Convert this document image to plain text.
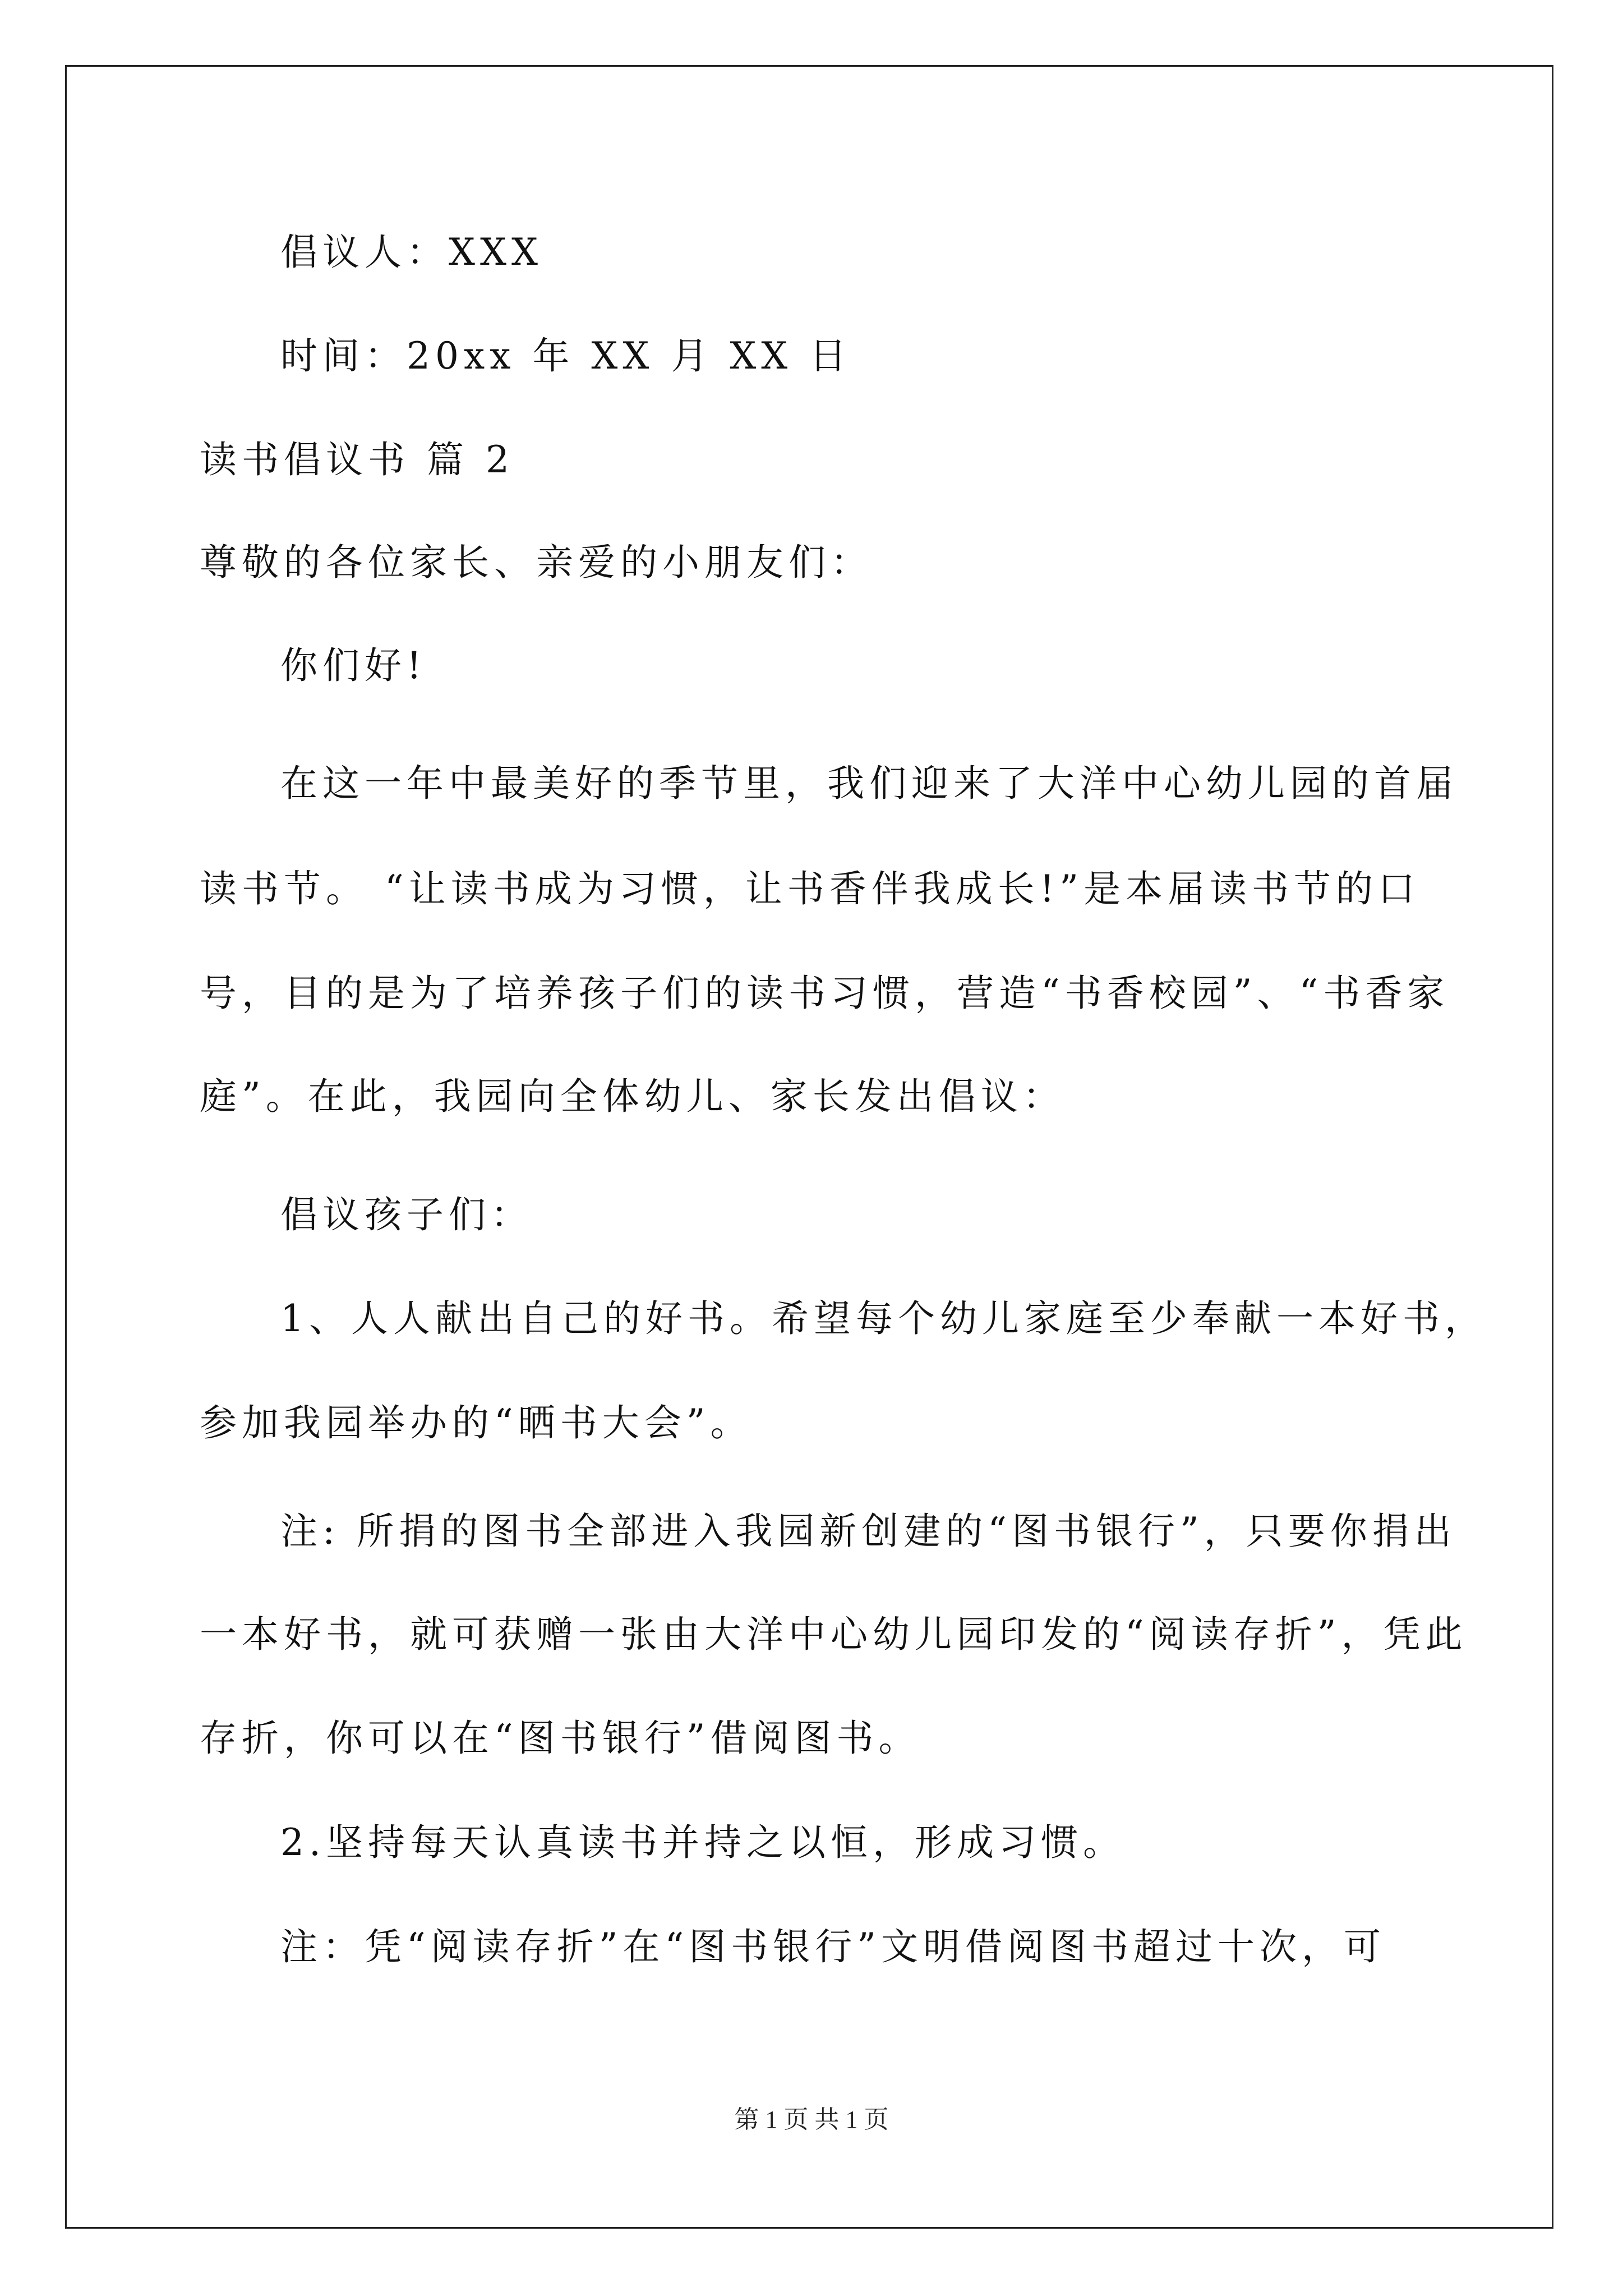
倡议人：XXX
时间：20xx 年 XX 月 XX 日
读书倡议书 篇 2
尊敬的各位家长、亲爱的小朋友们：
你们好!
在这一年中最美好的季节里，我们迎来了大洋中心幼儿园的首届
读书节。 “让读书成为习惯，让书香伴我成长!”是本届读书节的口
号，目的是为了培养孩子们的读书习惯，营造“书香校园”、“书香家
庭”。在此，我园向全体幼儿、家长发出倡议：
倡议孩子们：
1、人人献出自己的好书。希望每个幼儿家庭至少奉献一本好书，
参加我园举办的“晒书大会”。
注: 所捐的图书全部进入我园新创建的“图书银行”，只要你捐出
一本好书，就可获赠一张由大洋中心幼儿园印发的“阅读存折”，凭此
存折，你可以在“图书银行”借阅图书。
2.坚持每天认真读书并持之以恒，形成习惯。
注：凭“阅读存折”在“图书银行”文明借阅图书超过十次，可
第 1 页 共 1 页
